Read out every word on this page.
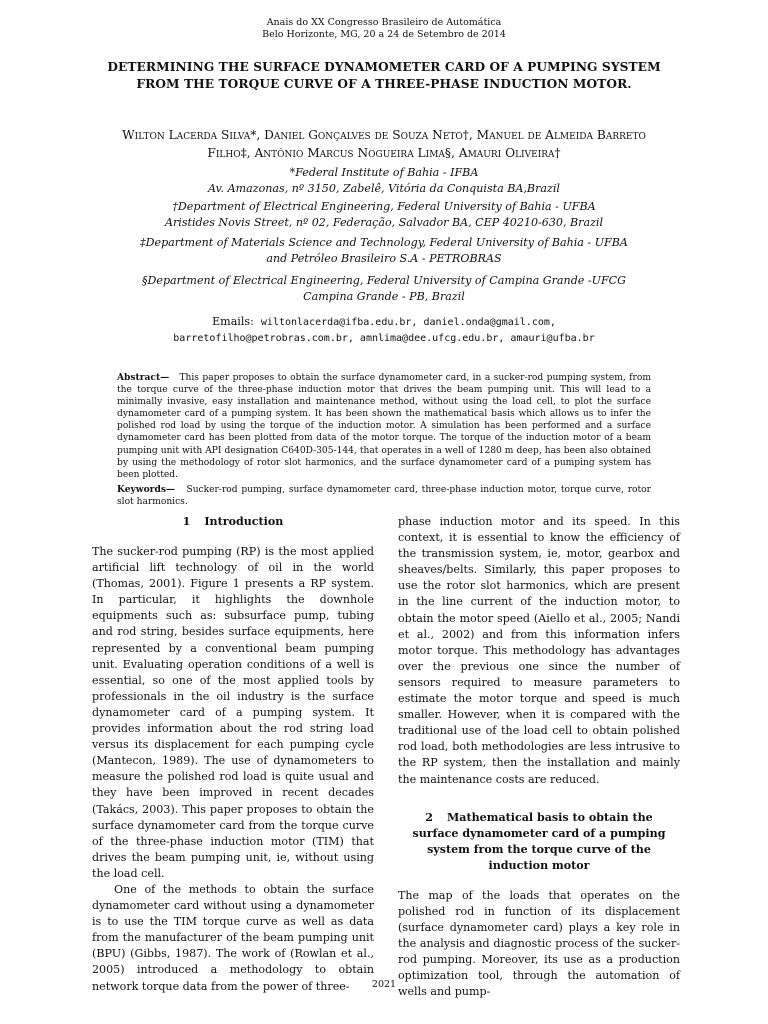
Anais do XX Congresso Brasileiro de Automática
Belo Horizonte, MG, 20 a 24 de Setembro de 2014
DETERMINING THE SURFACE DYNAMOMETER CARD OF A PUMPING SYSTEM FROM THE TORQUE CURVE OF A THREE-PHASE INDUCTION MOTOR.
Wilton Lacerda Silva*, Daniel Gonçalves de Souza Neto†, Manuel de Almeida Barreto
Filho‡, Antônio Marcus Nogueira Lima§, Amauri Oliveira†
*Federal Institute of Bahia - IFBA
Av. Amazonas, nº 3150, Zabelê, Vitória da Conquista BA,Brazil
†Department of Electrical Engineering, Federal University of Bahia - UFBA
Aristides Novis Street, nº 02, Federação, Salvador BA, CEP 40210-630, Brazil
‡Department of Materials Science and Technology, Federal University of Bahia - UFBA
and Petróleo Brasileiro S.A - PETROBRAS
§Department of Electrical Engineering, Federal University of Campina Grande -UFCG
Campina Grande - PB, Brazil
Emails: wiltonlacerda@ifba.edu.br, daniel.onda@gmail.com,
barretofilho@petrobras.com.br, amnlima@dee.ufcg.edu.br, amauri@ufba.br
Abstract— This paper proposes to obtain the surface dynamometer card, in a sucker-rod pumping system, from the torque curve of the three-phase induction motor that drives the beam pumping unit. This will lead to a minimally invasive, easy installation and maintenance method, without using the load cell, to plot the surface dynamometer card of a pumping system. It has been shown the mathematical basis which allows us to infer the polished rod load by using the torque of the induction motor. A simulation has been performed and a surface dynamometer card has been plotted from data of the motor torque. The torque of the induction motor of a beam pumping unit with API designation C640D-305-144, that operates in a well of 1280 m deep, has been also obtained by using the methodology of rotor slot harmonics, and the surface dynamometer card of a pumping system has been plotted.
Keywords— Sucker-rod pumping, surface dynamometer card, three-phase induction motor, torque curve, rotor slot harmonics.
1 Introduction

The sucker-rod pumping (RP) is the most applied artificial lift technology of oil in the world (Thomas, 2001). Figure 1 presents a RP system. In particular, it highlights the downhole equipments such as: subsurface pump, tubing and rod string, besides surface equipments, here represented by a conventional beam pumping unit. Evaluating operation conditions of a well is essential, so one of the most applied tools by professionals in the oil industry is the surface dynamometer card of a pumping system. It provides information about the rod string load versus its displacement for each pumping cycle (Mantecon, 1989). The use of dynamometers to measure the polished rod load is quite usual and they have been improved in recent decades (Takács, 2003). This paper proposes to obtain the surface dynamometer card from the torque curve of the three-phase induction motor (TIM) that drives the beam pumping unit, ie, without using the load cell.

One of the methods to obtain the surface dynamometer card without using a dynamometer is to use the TIM torque curve as well as data from the manufacturer of the beam pumping unit (BPU) (Gibbs, 1987). The work of (Rowlan et al., 2005) introduced a methodology to obtain network torque data from the power of three-

phase induction motor and its speed. In this context, it is essential to know the efficiency of the transmission system, ie, motor, gearbox and sheaves/belts. Similarly, this paper proposes to use the rotor slot harmonics, which are present in the line current of the induction motor, to obtain the motor speed (Aiello et al., 2005; Nandi et al., 2002) and from this information infers motor torque. This methodology has advantages over the previous one since the number of sensors required to measure parameters to estimate the motor torque and speed is much smaller. However, when it is compared with the traditional use of the load cell to obtain polished rod load, both methodologies are less intrusive to the RP system, then the installation and mainly the maintenance costs are reduced.

2 Mathematical basis to obtain the surface dynamometer card of a pumping system from the torque curve of the induction motor

The map of the loads that operates on the polished rod in function of its displacement (surface dynamometer card) plays a key role in the analysis and diagnostic process of the sucker-rod pumping. Moreover, its use as a production optimization tool, through the automation of wells and pump-

2021
